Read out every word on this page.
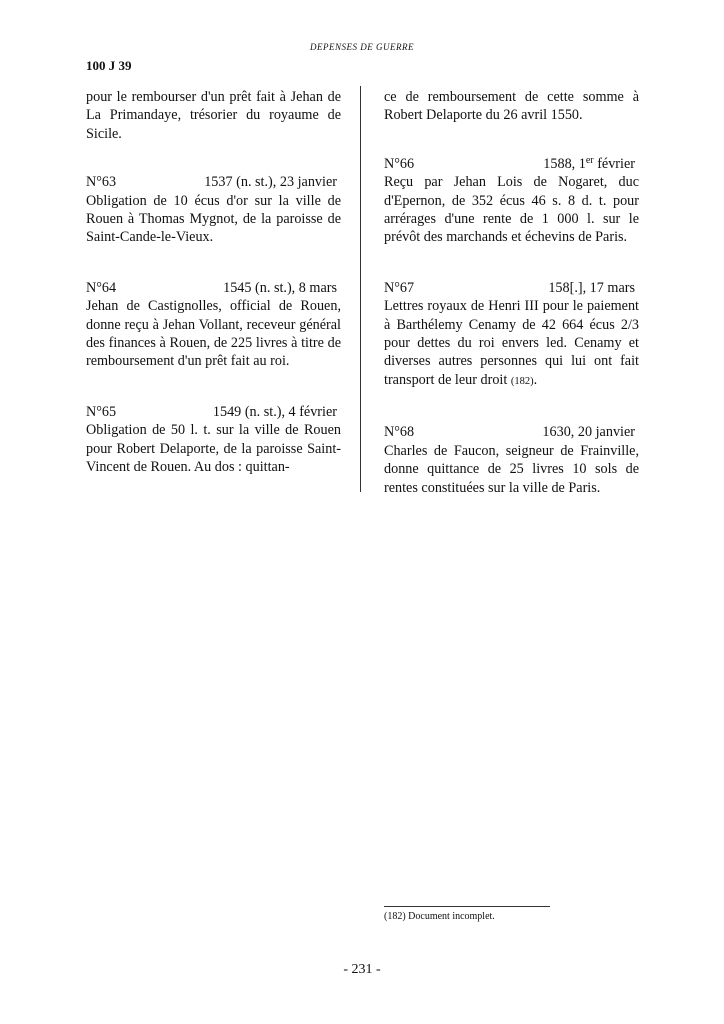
DEPENSES DE GUERRE
100 J 39

pour le rembourser d'un prêt fait à Jehan de La Primandaye, trésorier du royaume de Sicile.

N°63	1537 (n. st.), 23 janvier

Obligation de 10 écus d'or sur la ville de Rouen à Thomas Mygnot, de la paroisse de Saint-Cande-le-Vieux.

N°64	1545 (n. st.), 8 mars

Jehan de Castignolles, official de Rouen, donne reçu à Jehan Vollant, receveur général des finances à Rouen, de 225 livres à titre de remboursement d'un prêt fait au roi.

N°65	1549 (n. st.), 4 février

Obligation de 50 l. t. sur la ville de Rouen pour Robert Delaporte, de la paroisse Saint-Vincent de Rouen. Au dos : quittan-

ce de remboursement de cette somme à Robert Delaporte du 26 avril 1550.

N°66	1588, 1er février

Reçu par Jehan Lois de Nogaret, duc d'Epernon, de 352 écus 46 s. 8 d. t. pour arrérages d'une rente de 1 000 l. sur le prévôt des marchands et échevins de Paris.

N°67	158[.], 17 mars

Lettres royaux de Henri III pour le paiement à Barthélemy Cenamy de 42 664 écus 2/3 pour dettes du roi envers led. Cenamy et diverses autres personnes qui lui ont fait transport de leur droit (182).

N°68	1630, 20 janvier

Charles de Faucon, seigneur de Frainville, donne quittance de 25 livres 10 sols de rentes constituées sur la ville de Paris.

(182) Document incomplet.
- 231 -
